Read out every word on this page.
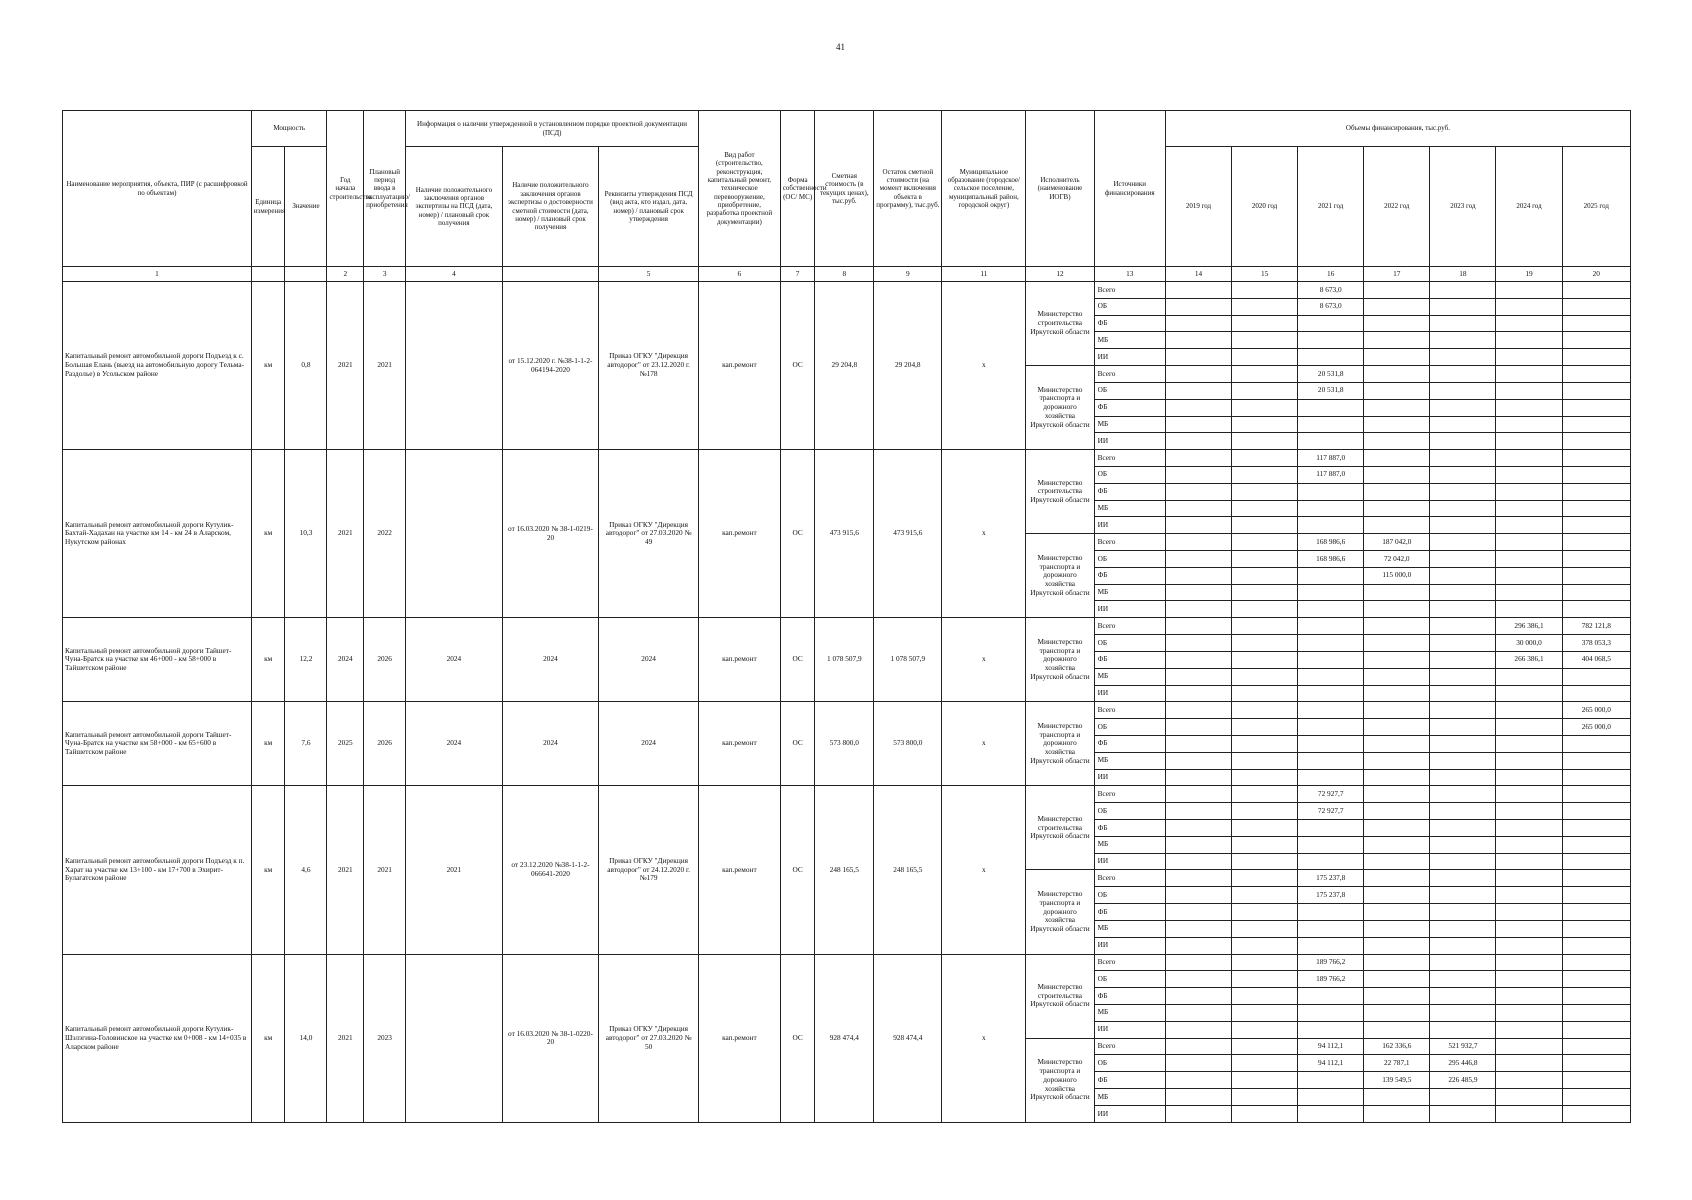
41
Наименование мероприятия, объекта, ПИР (с расшифровкой по объектам)	Мощность		Год начала строительства	Плановый период ввода в эксплуатацию/приобретения	Информация о наличии утвержденной в установленном порядке проектной документации (ПСД)			Вид работ (строительство, реконструкция, капитальный ремонт, техническое перевооружение, приобретение, разработка проектной документации)	Форма собственности (ОС/ МС)	Сметная стоимость (в текущих ценах), тыс.руб.	Остаток сметной стоимости (на момент включения объекта в программу), тыс.руб.	Муниципальное образование (городское/сельское поселение, муниципальный район, городской округ)	Исполнитель (наименование ИОГВ)	Источники финансирования	Объемы финансирования, тыс.руб.						
	Единица измерения	Значение			Наличие положительного заключения органов экспертизы на ПСД (дата, номер) / плановый срок получения	Наличие положительного заключения органов экспертизы о достоверности сметной стоимости (дата, номер) / плановый срок получения	Реквизиты утверждения ПСД (вид акта, кто издал, дата, номер) / плановый срок утверждения								2019 год	2020 год	2021 год	2022 год	2023 год	2024 год	2025 год
1			2	3	4		5	6	7	8	9	11	12	13	14	15	16	17	18	19	20
Капитальный ремонт автомобильной дороги Подъезд к с. Большая Елань (выезд на автомобильную дорогу Тельма-Раздолье) в Усольском районе	км	0,8	2021	2021		от 15.12.2020 г. №38-1-1-2-064194-2020	Приказ ОГКУ "Дирекция автодорог" от 23.12.2020 г. №178	кап.ремонт	ОС	29 204,8	29 204,8	х	Министерство строительства Иркутской области	Всего			8 673,0				
														ОБ			8 673,0				
														ФБ							
														МБ							
														ИИ							
													Министерство транспорта и дорожного хозяйства Иркутской области	Всего			20 531,8				
														ОБ			20 531,8				
														ФБ							
														МБ							
														ИИ							
Капитальный ремонт автомобильной дороги Кутулик-Бахтай-Хадахан на участке км 14 - км 24 в Аларском, Нукутском районах	км	10,3	2021	2022		от 16.03.2020 № 38-1-0219-20	Приказ ОГКУ "Дирекция автодорог" от 27.03.2020 № 49	кап.ремонт	ОС	473 915,6	473 915,6	х	Министерство строительства Иркутской области	Всего			117 887,0				
														ОБ			117 887,0				
														ФБ							
														МБ							
														ИИ							
													Министерство транспорта и дорожного хозяйства Иркутской области	Всего			168 986,6	187 042,0			
														ОБ			168 986,6	72 042,0			
														ФБ				115 000,0			
														МБ							
														ИИ							
Капитальный ремонт автомобильной дороги Тайшет-Чуна-Братск на участке км 46+000 - км 58+000 в Тайшетском районе	км	12,2	2024	2026	2024	2024	2024	кап.ремонт	ОС	1 078 507,9	1 078 507,9	х	Министерство транспорта и дорожного хозяйства Иркутской области	Всего						296 386,1	782 121,8
														ОБ						30 000,0	378 053,3
														ФБ						266 386,1	404 068,5
														МБ							
														ИИ							
Капитальный ремонт автомобильной дороги Тайшет-Чуна-Братск на участке км 58+000 - км 65+600 в Тайшетском районе	км	7,6	2025	2026	2024	2024	2024	кап.ремонт	ОС	573 800,0	573 800,0	х	Министерство транспорта и дорожного хозяйства Иркутской области	Всего							265 000,0
														ОБ							265 000,0
														ФБ							
														МБ							
														ИИ							
Капитальный ремонт автомобильной дороги Подъезд к п. Харат на участке км 13+100 - км 17+700 в Эхирит-Булагатском районе	км	4,6	2021	2021	2021	от 23.12.2020 №38-1-1-2-066641-2020	Приказ ОГКУ "Дирекция автодорог" от 24.12.2020 г. №179	кап.ремонт	ОС	248 165,5	248 165,5	х	Министерство строительства Иркутской области	Всего			72 927,7				
														ОБ			72 927,7				
														ФБ							
														МБ							
														ИИ							
													Министерство транспорта и дорожного хозяйства Иркутской области	Всего			175 237,8				
														ОБ			175 237,8				
														ФБ							
														МБ							
														ИИ							
Капитальный ремонт автомобильной дороги Кутулик-Шэлэгина-Головинское на участке км 0+008 - км 14+035 в Аларском районе	км	14,0	2021	2023		от 16.03.2020 № 38-1-0220-20	Приказ ОГКУ "Дирекция автодорог" от 27.03.2020 № 50	кап.ремонт	ОС	928 474,4	928 474,4	х	Министерство строительства Иркутской области	Всего			189 766,2				
														ОБ			189 766,2				
														ФБ							
														МБ							
														ИИ							
													Министерство транспорта и дорожного хозяйства Иркутской области	Всего			94 112,1	162 336,6	521 932,7		
														ОБ			94 112,1	22 787,1	295 446,8		
														ФБ				139 549,5	226 485,9		
														МБ							
														ИИ							
